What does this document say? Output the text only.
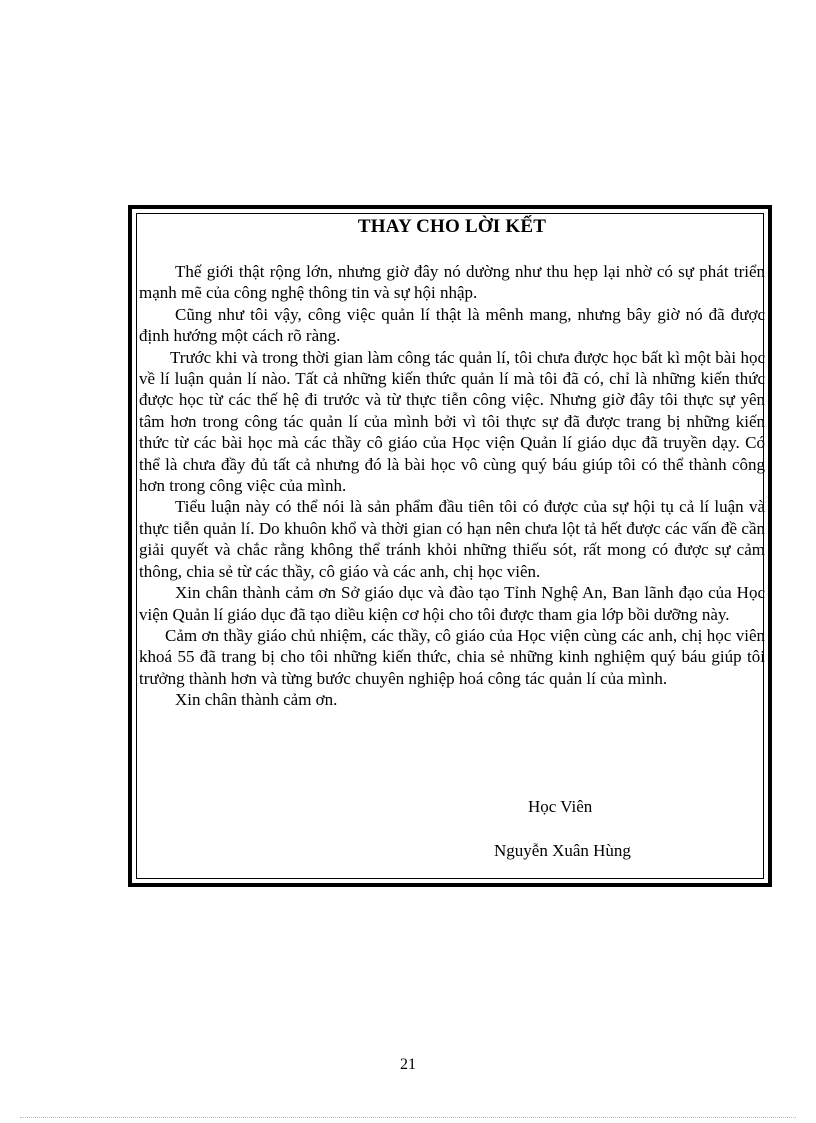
THAY CHO LỜI KẾT

Thế giới thật rộng lớn, nhưng giờ đây nó dường như thu hẹp lại nhờ có sự phát triển mạnh mẽ của công nghệ thông tin và sự hội nhập.

Cũng như tôi vậy, công việc quản lí thật là mênh mang, nhưng bây giờ nó đã được định hướng một cách rõ ràng.

Trước khi và trong thời gian làm công tác quản lí, tôi chưa được học bất kì một bài học về lí luận quản lí nào. Tất cả những kiến thức quản lí mà tôi đã có, chỉ là những kiến thức được học từ các thế hệ đi trước và từ thực tiễn công việc. Nhưng giờ đây tôi thực sự yên tâm hơn trong công tác quản lí của mình bởi vì tôi thực sự đã được trang bị những kiến thức từ các bài học mà các thầy cô giáo của Học viện Quản lí giáo dục đã truyền dạy. Có thể là chưa đầy đủ tất cả nhưng đó là bài học vô cùng quý báu giúp tôi có thể thành công hơn trong công việc của mình.

Tiểu luận này có thể nói là sản phẩm đầu tiên tôi có được của sự hội tụ cả lí luận và thực tiễn quản lí. Do khuôn khổ và thời gian có hạn nên chưa lột tả hết được các vấn đề cần giải quyết và chắc rằng không thể tránh khỏi những thiếu sót, rất mong có được sự cảm thông, chia sẻ từ các thầy, cô giáo và các anh, chị học viên.

Xin chân thành cảm ơn Sở giáo dục và đào tạo Tỉnh Nghệ An, Ban lãnh đạo của Học viện Quản lí giáo dục đã tạo diều kiện cơ hội cho tôi được tham gia lớp bồi dưỡng này.

Cảm ơn thầy giáo chủ nhiệm, các thầy, cô giáo của Học viện cùng các anh, chị học viên khoá 55 đã trang bị cho tôi những kiến thức, chia sẻ những kinh nghiệm quý báu giúp tôi trưởng thành hơn và từng bước chuyên nghiệp hoá công tác quản lí của mình.

Xin chân thành cảm ơn.

Học Viên
Nguyễn Xuân Hùng
21
